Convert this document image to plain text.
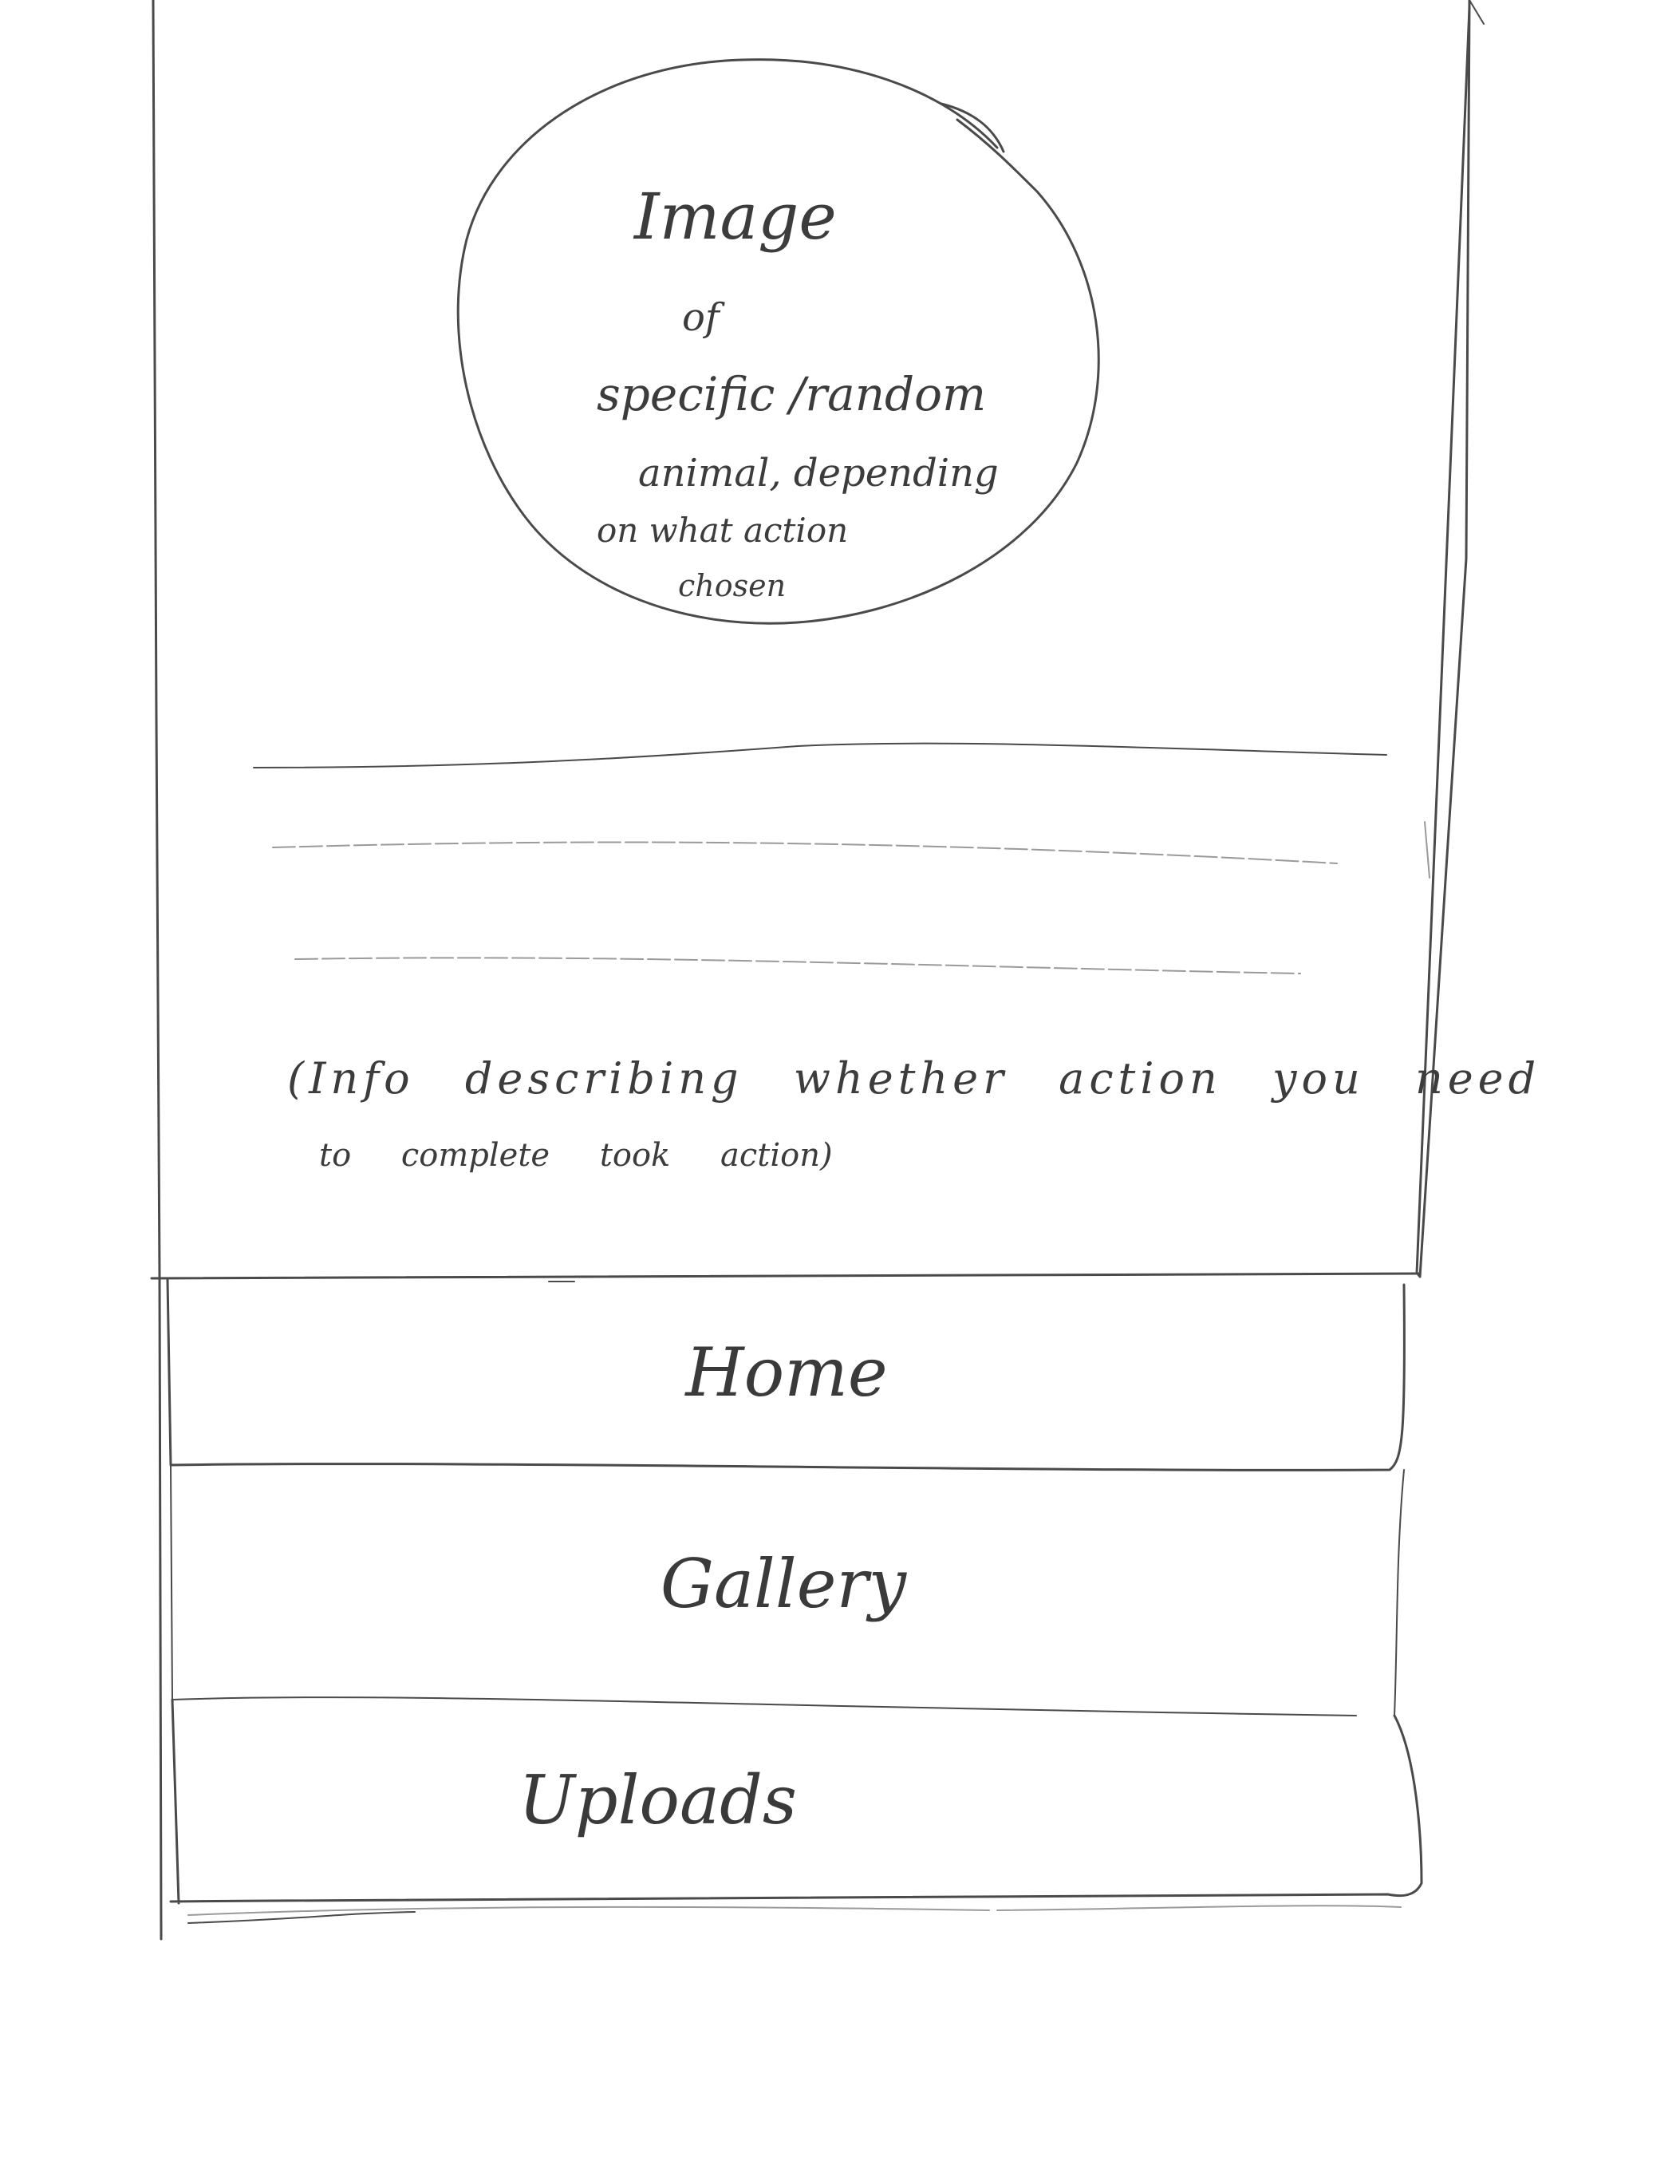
Image
of
specific /random
animal, depending
on what action
chosen
(Info describing whether action you need
to complete took action)
Home
Gallery
Uploads
